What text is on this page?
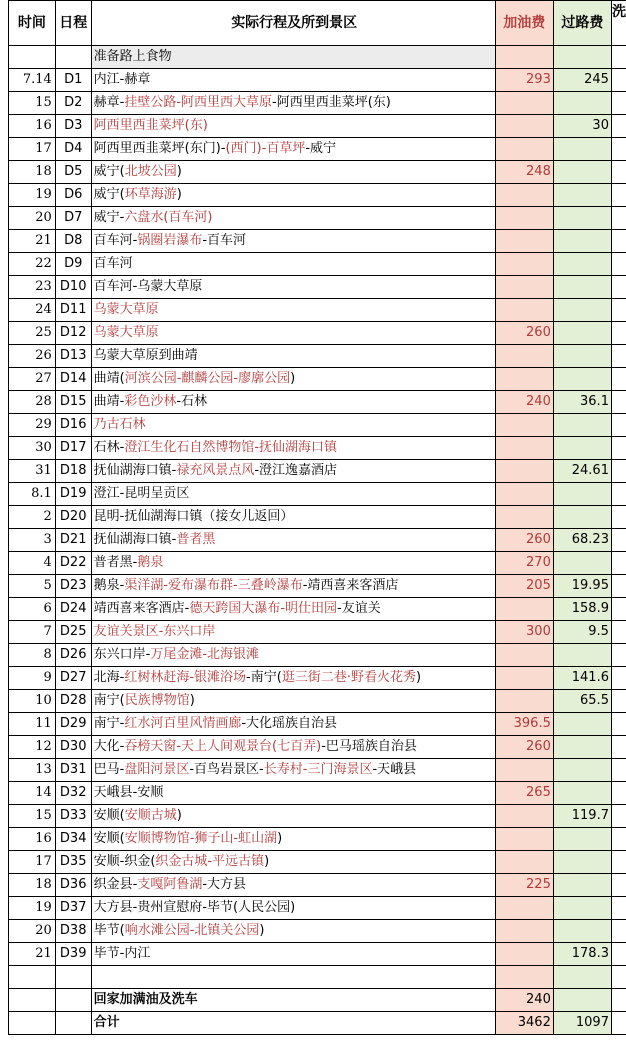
时间	日程	实际行程及所到景区	加油费	过路费	洗
		准备路上食物			
7.14	D1	内江-赫章	293	245	
15	D2	赫章-挂壁公路-阿西里西大草原-阿西里西韭菜坪(东)			
16	D3	阿西里西韭菜坪(东)		30	
17	D4	阿西里西韭菜坪(东门)-(西门)-百草坪-威宁			
18	D5	威宁(北坡公园)	248		
19	D6	威宁(环草海游)			
20	D7	威宁-六盘水(百车河)			
21	D8	百车河-锅圈岩瀑布-百车河			
22	D9	百车河			
23	D10	百车河-乌蒙大草原			
24	D11	乌蒙大草原			
25	D12	乌蒙大草原	260		
26	D13	乌蒙大草原到曲靖			
27	D14	曲靖(河滨公园-麒麟公园-廖廓公园)			
28	D15	曲靖-彩色沙林-石林	240	36.1	
29	D16	乃古石林			
30	D17	石林-澄江生化石自然博物馆-抚仙湖海口镇			
31	D18	抚仙湖海口镇-禄充风景点风-澄江逸嘉酒店		24.61	
8.1	D19	澄江-昆明呈贡区			
2	D20	昆明-抚仙湖海口镇（接女儿返回）			
3	D21	抚仙湖海口镇-普者黑	260	68.23	
4	D22	普者黑-鹅泉	270		
5	D23	鹅泉-渠洋湖-爱布瀑布群-三叠岭瀑布-靖西喜来客酒店	205	19.95	
6	D24	靖西喜来客酒店-德天跨国大瀑布-明仕田园-友谊关		158.9	
7	D25	友谊关景区-东兴口岸	300	9.5	
8	D26	东兴口岸-万尾金滩-北海银滩			
9	D27	北海-红树林赶海-银滩浴场-南宁(逛三街二巷·野看火花秀)		141.6	
10	D28	南宁(民族博物馆)		65.5	
11	D29	南宁-红水河百里风情画廊-大化瑶族自治县	396.5		
12	D30	大化-吞榜天窗-天上人间观景台(七百弄)-巴马瑶族自治县	260		
13	D31	巴马-盘阳河景区-百鸟岩景区-长寿村-三门海景区-天峨县			
14	D32	天峨县-安顺	265		
15	D33	安顺(安顺古城)		119.7	
16	D34	安顺(安顺博物馆-狮子山-虹山湖)			
17	D35	安顺-织金(织金古城-平远古镇)			
18	D36	织金县-支嘎阿鲁湖-大方县	225		
19	D37	大方县-贵州宣慰府-毕节(人民公园)			
20	D38	毕节(响水滩公园-北镇关公园)			
21	D39	毕节-内江		178.3	

		回家加满油及洗车	240		
		合计	3462	1097	
